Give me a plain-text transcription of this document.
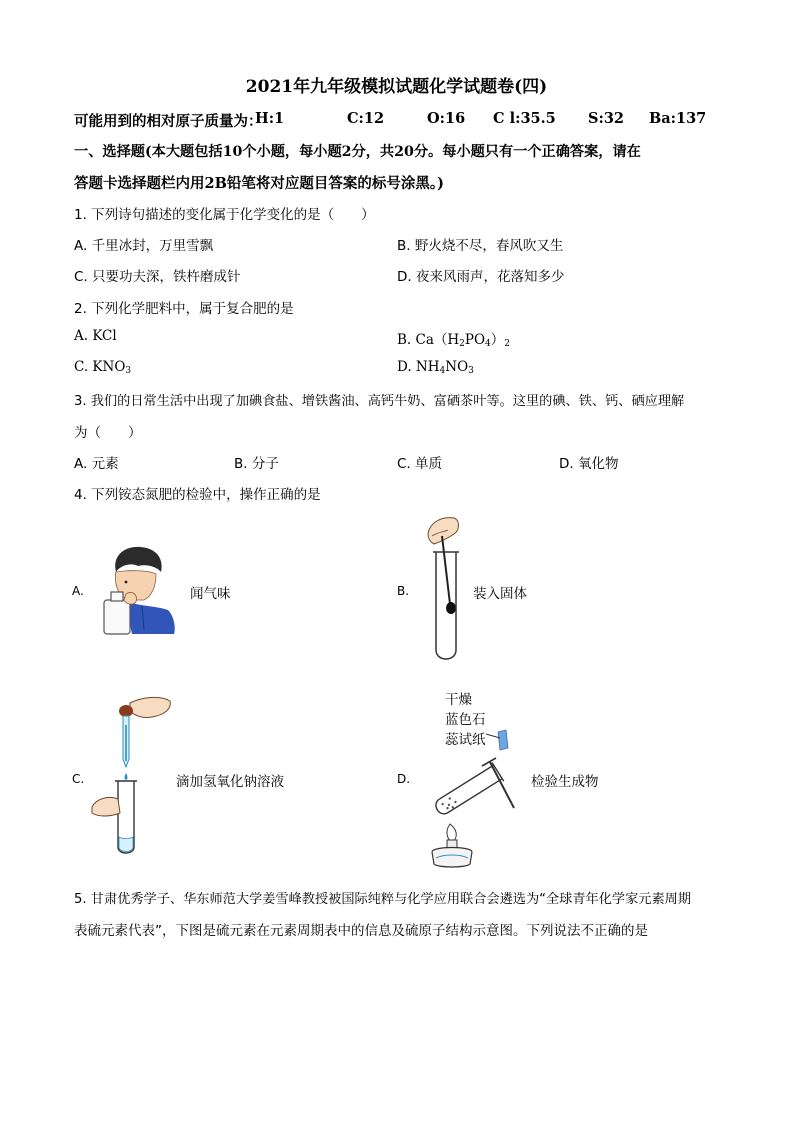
2021年九年级模拟试题化学试题卷(四)
可能用到的相对原子质量为：
H:1	C:12	O:16 C l:35.5 S:32 Ba:137
一、选择题(本大题包括10个小题，每小题2分，共20分。每小题只有一个正确答案，请在
答题卡选择题栏内用2B铅笔将对应题目答案的标号涂黑。)
1. 下列诗句描述的变化属于化学变化的是（　　）
A. 千里冰封，万里雪飘	B. 野火烧不尽，春风吹又生
C. 只要功夫深，铁杵磨成针	D. 夜来风雨声，花落知多少
2. 下列化学肥料中，属于复合肥的是
A. KCl	B. $Ca(H_2PO_4)_2$
C. $KNO_3$	D. $NH_4NO_3$
3. 我们的日常生活中出现了加碘食盐、增铁酱油、高钙牛奶、富硒茶叶等。这里的碘、铁、钙、硒应理解
为（　　）
A. 元素	B. 分子	C. 单质	D. 氧化物
4. 下列铵态氮肥的检验中，操作正确的是
A.	闻气味	B.	装入固体
C.	滴加氢氧化钠溶液	D.
干燥
蓝色石
蕊试纸
检验生成物
5. 甘肃优秀学子、华东师范大学姜雪峰教授被国际纯粹与化学应用联合会遴选为“全球青年化学家元素周期
表硫元素代表”，下图是硫元素在元素周期表中的信息及硫原子结构示意图。下列说法不正确的是
